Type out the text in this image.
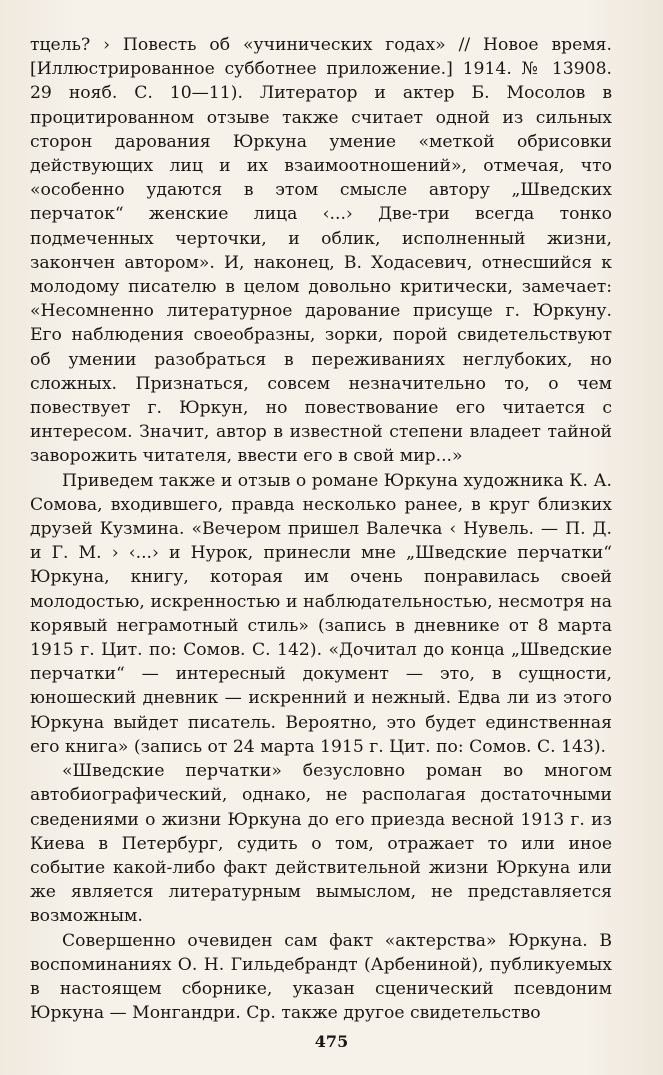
тцель? › Повесть об «учинических годах» // Новое время. [Иллюстрированное субботнее приложение.] 1914. № 13908. 29 нояб. С. 10—11). Литератор и актер Б. Мосолов в процитированном отзыве также считает одной из сильных сторон дарования Юркуна умение «меткой обрисовки действующих лиц и их взаимоотношений», отмечая, что «особенно удаются в этом смысле автору „Шведских перчаток“ женские лица ‹...› Две-три всегда тонко подмеченных черточки, и облик, исполненный жизни, закончен автором». И, наконец, В. Ходасевич, отнесшийся к молодому писателю в целом довольно критически, замечает: «Несомненно литературное дарование присуще г. Юркуну. Его наблюдения своеобразны, зорки, порой свидетельствуют об умении разобраться в переживаниях неглубоких, но сложных. Признаться, совсем незначительно то, о чем повествует г. Юркун, но повествование его читается с интересом. Значит, автор в известной степени владеет тайной заворожить читателя, ввести его в свой мир...»

Приведем также и отзыв о романе Юркуна художника К. А. Сомова, входившего, правда несколько ранее, в круг близких друзей Кузмина. «Вечером пришел Валечка ‹ Нувель. — П. Д. и Г. М. › ‹...› и Нурок, принесли мне „Шведские перчатки“ Юркуна, книгу, которая им очень понравилась своей молодостью, искренностью и наблюдательностью, несмотря на корявый неграмотный стиль» (запись в дневнике от 8 марта 1915 г. Цит. по: Сомов. С. 142). «Дочитал до конца „Шведские перчатки“ — интересный документ — это, в сущности, юношеский дневник — искренний и нежный. Едва ли из этого Юркуна выйдет писатель. Вероятно, это будет единственная его книга» (запись от 24 марта 1915 г. Цит. по: Сомов. С. 143).

«Шведские перчатки» безусловно роман во многом автобиографический, однако, не располагая достаточными сведениями о жизни Юркуна до его приезда весной 1913 г. из Киева в Петербург, судить о том, отражает то или иное событие какой-либо факт действительной жизни Юркуна или же является литературным вымыслом, не представляется возможным.

Совершенно очевиден сам факт «актерства» Юркуна. В воспоминаниях О. Н. Гильдебрандт (Арбениной), публикуемых в настоящем сборнике, указан сценический псевдоним Юркуна — Монгандри. Ср. также другое свидетельство

475
